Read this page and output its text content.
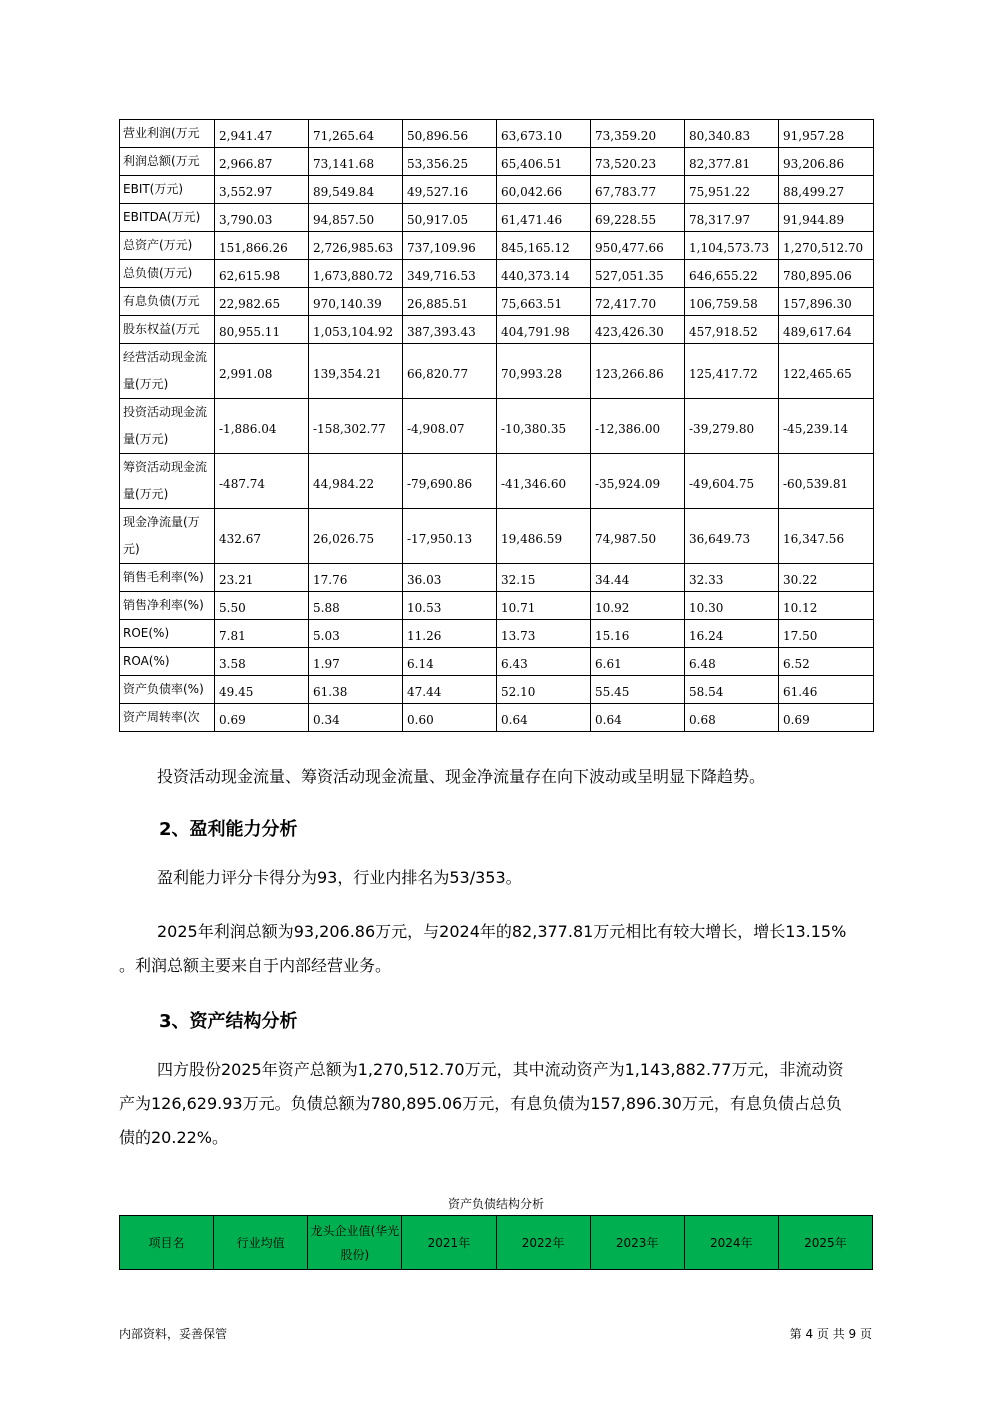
营业利润(万元	2,941.47	71,265.64	50,896.56	63,673.10	73,359.20	80,340.83	91,957.28
利润总额(万元	2,966.87	73,141.68	53,356.25	65,406.51	73,520.23	82,377.81	93,206.86
EBIT(万元)	3,552.97	89,549.84	49,527.16	60,042.66	67,783.77	75,951.22	88,499.27
EBITDA(万元)	3,790.03	94,857.50	50,917.05	61,471.46	69,228.55	78,317.97	91,944.89
总资产(万元)	151,866.26	2,726,985.63	737,109.96	845,165.12	950,477.66	1,104,573.73	1,270,512.70
总负债(万元)	62,615.98	1,673,880.72	349,716.53	440,373.14	527,051.35	646,655.22	780,895.06
有息负债(万元	22,982.65	970,140.39	26,885.51	75,663.51	72,417.70	106,759.58	157,896.30
股东权益(万元	80,955.11	1,053,104.92	387,393.43	404,791.98	423,426.30	457,918.52	489,617.64
经营活动现金流量(万元)	2,991.08	139,354.21	66,820.77	70,993.28	123,266.86	125,417.72	122,465.65
投资活动现金流量(万元)	-1,886.04	-158,302.77	-4,908.07	-10,380.35	-12,386.00	-39,279.80	-45,239.14
筹资活动现金流量(万元)	-487.74	44,984.22	-79,690.86	-41,346.60	-35,924.09	-49,604.75	-60,539.81
现金净流量(万元)	432.67	26,026.75	-17,950.13	19,486.59	74,987.50	36,649.73	16,347.56
销售毛利率(%)	23.21	17.76	36.03	32.15	34.44	32.33	30.22
销售净利率(%)	5.50	5.88	10.53	10.71	10.92	10.30	10.12
ROE(%)	7.81	5.03	11.26	13.73	15.16	16.24	17.50
ROA(%)	3.58	1.97	6.14	6.43	6.61	6.48	6.52
资产负债率(%)	49.45	61.38	47.44	52.10	55.45	58.54	61.46
资产周转率(次	0.69	0.34	0.60	0.64	0.64	0.68	0.69

投资活动现金流量、筹资活动现金流量、现金净流量存在向下波动或呈明显下降趋势。

2、盈利能力分析

盈利能力评分卡得分为93，行业内排名为53/353。

2025年利润总额为93,206.86万元，与2024年的82,377.81万元相比有较大增长，增长13.15%
。利润总额主要来自于内部经营业务。

3、资产结构分析

四方股份2025年资产总额为1,270,512.70万元，其中流动资产为1,143,882.77万元，非流动资
产为126,629.93万元。负债总额为780,895.06万元，有息负债为157,896.30万元，有息负债占总负
债的20.22%。

资产负债结构分析
项目名	行业均值	龙头企业值(华光股份)	2021年	2022年	2023年	2024年	2025年
内部资料，妥善保管	第 4 页 共 9 页
